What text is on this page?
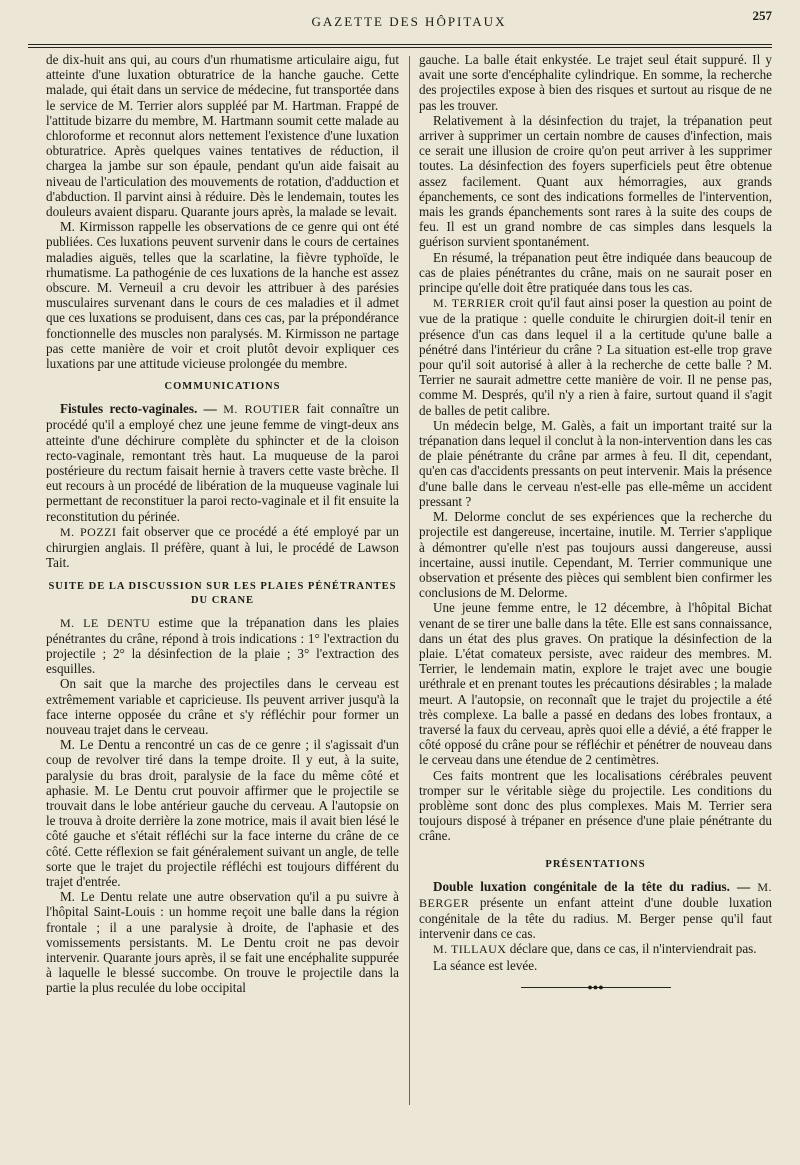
GAZETTE DES HÔPITAUX	257

de dix-huit ans qui, au cours d'un rhumatisme articulaire aigu, fut atteinte d'une luxation obturatrice de la hanche gauche. Cette malade, qui était dans un service de médecine, fut transportée dans le service de M. Terrier alors suppléé par M. Hartman. Frappé de l'attitude bizarre du membre, M. Hartmann soumit cette malade au chloroforme et reconnut alors nettement l'existence d'une luxation obturatrice. Après quelques vaines tentatives de réduction, il chargea la jambe sur son épaule, pendant qu'un aide faisait au niveau de l'articulation des mouvements de rotation, d'adduction et d'abduction. Il parvint ainsi à réduire. Dès le lendemain, toutes les douleurs avaient disparu. Quarante jours après, la malade se levait.

M. Kirmisson rappelle les observations de ce genre qui ont été publiées. Ces luxations peuvent survenir dans le cours de certaines maladies aiguës, telles que la scarlatine, la fièvre typhoïde, le rhumatisme. La pathogénie de ces luxations de la hanche est assez obscure. M. Verneuil a cru devoir les attribuer à des parésies musculaires survenant dans le cours de ces maladies et il admet que ces luxations se produisent, dans ces cas, par la prépondérance fonctionnelle des muscles non paralysés. M. Kirmisson ne partage pas cette manière de voir et croit plutôt devoir expliquer ces luxations par une attitude vicieuse prolongée du membre.

COMMUNICATIONS

Fistules recto-vaginales. — M. ROUTIER fait connaître un procédé qu'il a employé chez une jeune femme de vingt-deux ans atteinte d'une déchirure complète du sphincter et de la cloison recto-vaginale, remontant très haut. La muqueuse de la paroi postérieure du rectum faisait hernie à travers cette vaste brèche. Il eut recours à un procédé de libération de la muqueuse vaginale lui permettant de reconstituer la paroi recto-vaginale et il fit ensuite la reconstitution du périnée.

M. POZZI fait observer que ce procédé a été employé par un chirurgien anglais. Il préfère, quant à lui, le procédé de Lawson Tait.

SUITE DE LA DISCUSSION SUR LES PLAIES PÉNÉTRANTES DU CRANE

M. LE DENTU estime que la trépanation dans les plaies pénétrantes du crâne, répond à trois indications : 1° l'extraction du projectile ; 2° la désinfection de la plaie ; 3° l'extraction des esquilles.

On sait que la marche des projectiles dans le cerveau est extrêmement variable et capricieuse. Ils peuvent arriver jusqu'à la face interne opposée du crâne et s'y réfléchir pour former un nouveau trajet dans le cerveau.

M. Le Dentu a rencontré un cas de ce genre ; il s'agissait d'un coup de revolver tiré dans la tempe droite. Il y eut, à la suite, paralysie du bras droit, paralysie de la face du même côté et aphasie. M. Le Dentu crut pouvoir affirmer que le projectile se trouvait dans le lobe antérieur gauche du cerveau. A l'autopsie on le trouva à droite derrière la zone motrice, mais il avait bien lésé le côté gauche et s'était réfléchi sur la face interne du crâne de ce côté. Cette réflexion se fait généralement suivant un angle, de telle sorte que le trajet du projectile réfléchi est toujours différent du trajet d'entrée.

M. Le Dentu relate une autre observation qu'il a pu suivre à l'hôpital Saint-Louis : un homme reçoit une balle dans la région frontale ; il a une paralysie à droite, de l'aphasie et des vomissements persistants. M. Le Dentu croit ne pas devoir intervenir. Quarante jours après, il se fait une encéphalite suppurée à laquelle le blessé succombe. On trouve le projectile dans la partie la plus reculée du lobe occipital

gauche. La balle était enkystée. Le trajet seul était suppuré. Il y avait une sorte d'encéphalite cylindrique. En somme, la recherche des projectiles expose à bien des risques et surtout au risque de ne pas les trouver.

Relativement à la désinfection du trajet, la trépanation peut arriver à supprimer un certain nombre de causes d'infection, mais ce serait une illusion de croire qu'on peut arriver à les supprimer toutes. La désinfection des foyers superficiels peut être obtenue assez facilement. Quant aux hémorragies, aux grands épanchements, ce sont des indications formelles de l'intervention, mais les grands épanchements sont rares à la suite des coups de feu. Il est un grand nombre de cas simples dans lesquels la guérison survient spontanément.

En résumé, la trépanation peut être indiquée dans beaucoup de cas de plaies pénétrantes du crâne, mais on ne saurait poser en principe qu'elle doit être pratiquée dans tous les cas.

M. TERRIER croit qu'il faut ainsi poser la question au point de vue de la pratique : quelle conduite le chirurgien doit-il tenir en présence d'un cas dans lequel il a la certitude qu'une balle a pénétré dans l'intérieur du crâne ? La situation est-elle trop grave pour qu'il soit autorisé à aller à la recherche de cette balle ? M. Terrier ne saurait admettre cette manière de voir. Il ne pense pas, comme M. Després, qu'il n'y a rien à faire, surtout quand il s'agit de balles de petit calibre.

Un médecin belge, M. Galès, a fait un important traité sur la trépanation dans lequel il conclut à la non-intervention dans les cas de plaie pénétrante du crâne par armes à feu. Il dit, cependant, qu'en cas d'accidents pressants on peut intervenir. Mais la présence d'une balle dans le cerveau n'est-elle pas elle-même un accident pressant ?

M. Delorme conclut de ses expériences que la recherche du projectile est dangereuse, incertaine, inutile. M. Terrier s'applique à démontrer qu'elle n'est pas toujours aussi dangereuse, aussi incertaine, aussi inutile. Cependant, M. Terrier communique une observation et présente des pièces qui semblent bien confirmer les conclusions de M. Delorme.

Une jeune femme entre, le 12 décembre, à l'hôpital Bichat venant de se tirer une balle dans la tête. Elle est sans connaissance, dans un état des plus graves. On pratique la désinfection de la plaie. L'état comateux persiste, avec raideur des membres. M. Terrier, le lendemain matin, explore le trajet avec une bougie uréthrale et en prenant toutes les précautions désirables ; la malade meurt. A l'autopsie, on reconnaît que le trajet du projectile a été très complexe. La balle a passé en dedans des lobes frontaux, a traversé la faux du cerveau, après quoi elle a dévié, a été frapper le côté opposé du crâne pour se réfléchir et pénétrer de nouveau dans le cerveau dans une étendue de 2 centimètres.

Ces faits montrent que les localisations cérébrales peuvent tromper sur le véritable siège du projectile. Les conditions du problème sont donc des plus complexes. Mais M. Terrier sera toujours disposé à trépaner en présence d'une plaie pénétrante du crâne.

PRÉSENTATIONS

Double luxation congénitale de la tête du radius. — M. BERGER présente un enfant atteint d'une double luxation congénitale de la tête du radius. M. Berger pense qu'il faut intervenir dans ce cas.

M. TILLAUX déclare que, dans ce cas, il n'interviendrait pas.

La séance est levée.

●●●
